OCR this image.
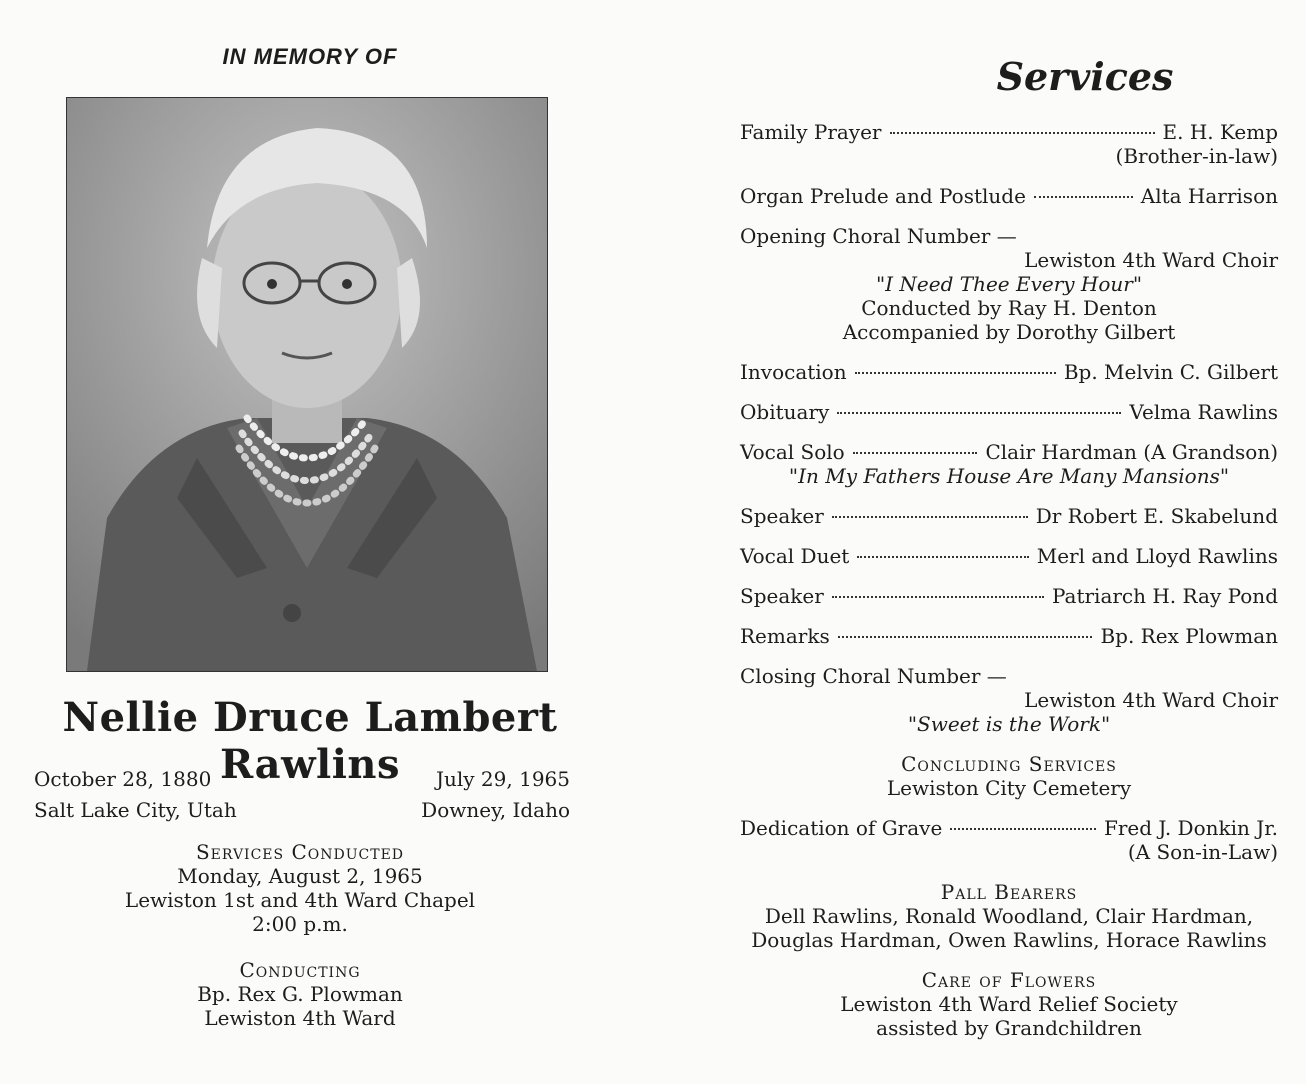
IN MEMORY OF
Nellie Druce Lambert Rawlins
October 28, 1880
Salt Lake City, Utah
July 29, 1965
Downey, Idaho
Services Conducted
Monday, August 2, 1965
Lewiston 1st and 4th Ward Chapel
2:00 p.m.
Conducting
Bp. Rex G. Plowman
Lewiston 4th Ward
Services
Family Prayer	E. H. Kemp
(Brother-in-law)
Organ Prelude and Postlude	Alta Harrison
Opening Choral Number —
Lewiston 4th Ward Choir
"I Need Thee Every Hour"
Conducted by Ray H. Denton
Accompanied by Dorothy Gilbert
Invocation	Bp. Melvin C. Gilbert
Obituary	Velma Rawlins
Vocal Solo	Clair Hardman (A Grandson)
"In My Fathers House Are Many Mansions"
Speaker	Dr Robert E. Skabelund
Vocal Duet	Merl and Lloyd Rawlins
Speaker	Patriarch H. Ray Pond
Remarks	Bp. Rex Plowman
Closing Choral Number —
Lewiston 4th Ward Choir
"Sweet is the Work"
Concluding Services
Lewiston City Cemetery
Dedication of Grave	Fred J. Donkin Jr.
(A Son-in-Law)
Pall Bearers
Dell Rawlins, Ronald Woodland, Clair Hardman,
Douglas Hardman, Owen Rawlins, Horace Rawlins
Care of Flowers
Lewiston 4th Ward Relief Society
assisted by Grandchildren
